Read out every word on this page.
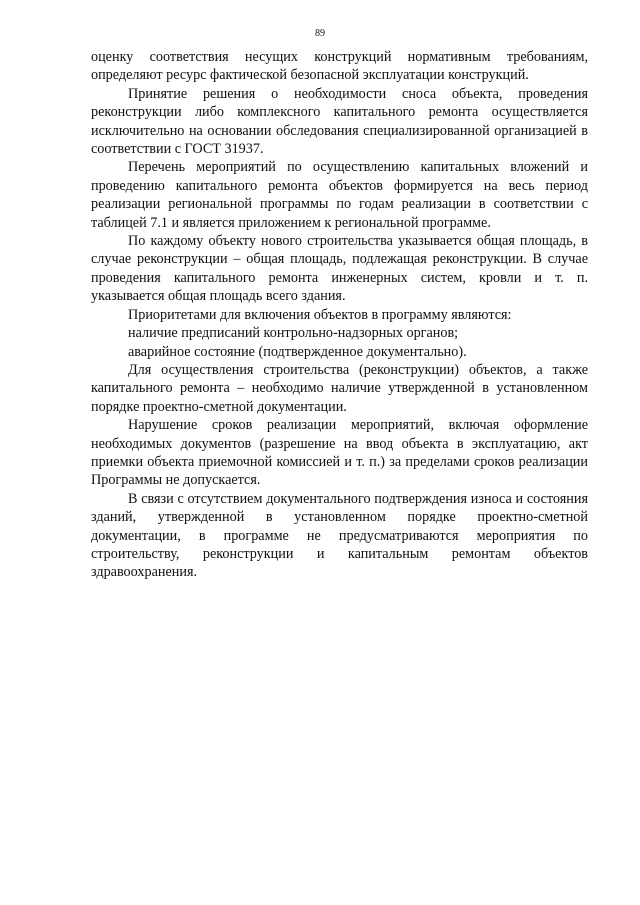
89

оценку соответствия несущих конструкций нормативным требованиям, определяют ресурс фактической безопасной эксплуатации конструкций.

Принятие решения о необходимости сноса объекта, проведения реконструкции либо комплексного капитального ремонта осуществляется исключительно на основании обследования специализированной организацией в соответствии с ГОСТ 31937.

Перечень мероприятий по осуществлению капитальных вложений и проведению капитального ремонта объектов формируется на весь период реализации региональной программы по годам реализации в соответствии с таблицей 7.1 и является приложением к региональной программе.

По каждому объекту нового строительства указывается общая площадь, в случае реконструкции – общая площадь, подлежащая реконструкции. В случае проведения капитального ремонта инженерных систем, кровли и т. п. указывается общая площадь всего здания.

Приоритетами для включения объектов в программу являются:

наличие предписаний контрольно-надзорных органов;

аварийное состояние (подтвержденное документально).

Для осуществления строительства (реконструкции) объектов, а также капитального ремонта – необходимо наличие утвержденной в установленном порядке проектно-сметной документации.

Нарушение сроков реализации мероприятий, включая оформление необходимых документов (разрешение на ввод объекта в эксплуатацию, акт приемки объекта приемочной комиссией и т. п.) за пределами сроков реализации Программы не допускается.

В связи с отсутствием документального подтверждения износа и состояния зданий, утвержденной в установленном порядке проектно-сметной документации, в программе не предусматриваются мероприятия по строительству, реконструкции и капитальным ремонтам объектов здравоохранения.
